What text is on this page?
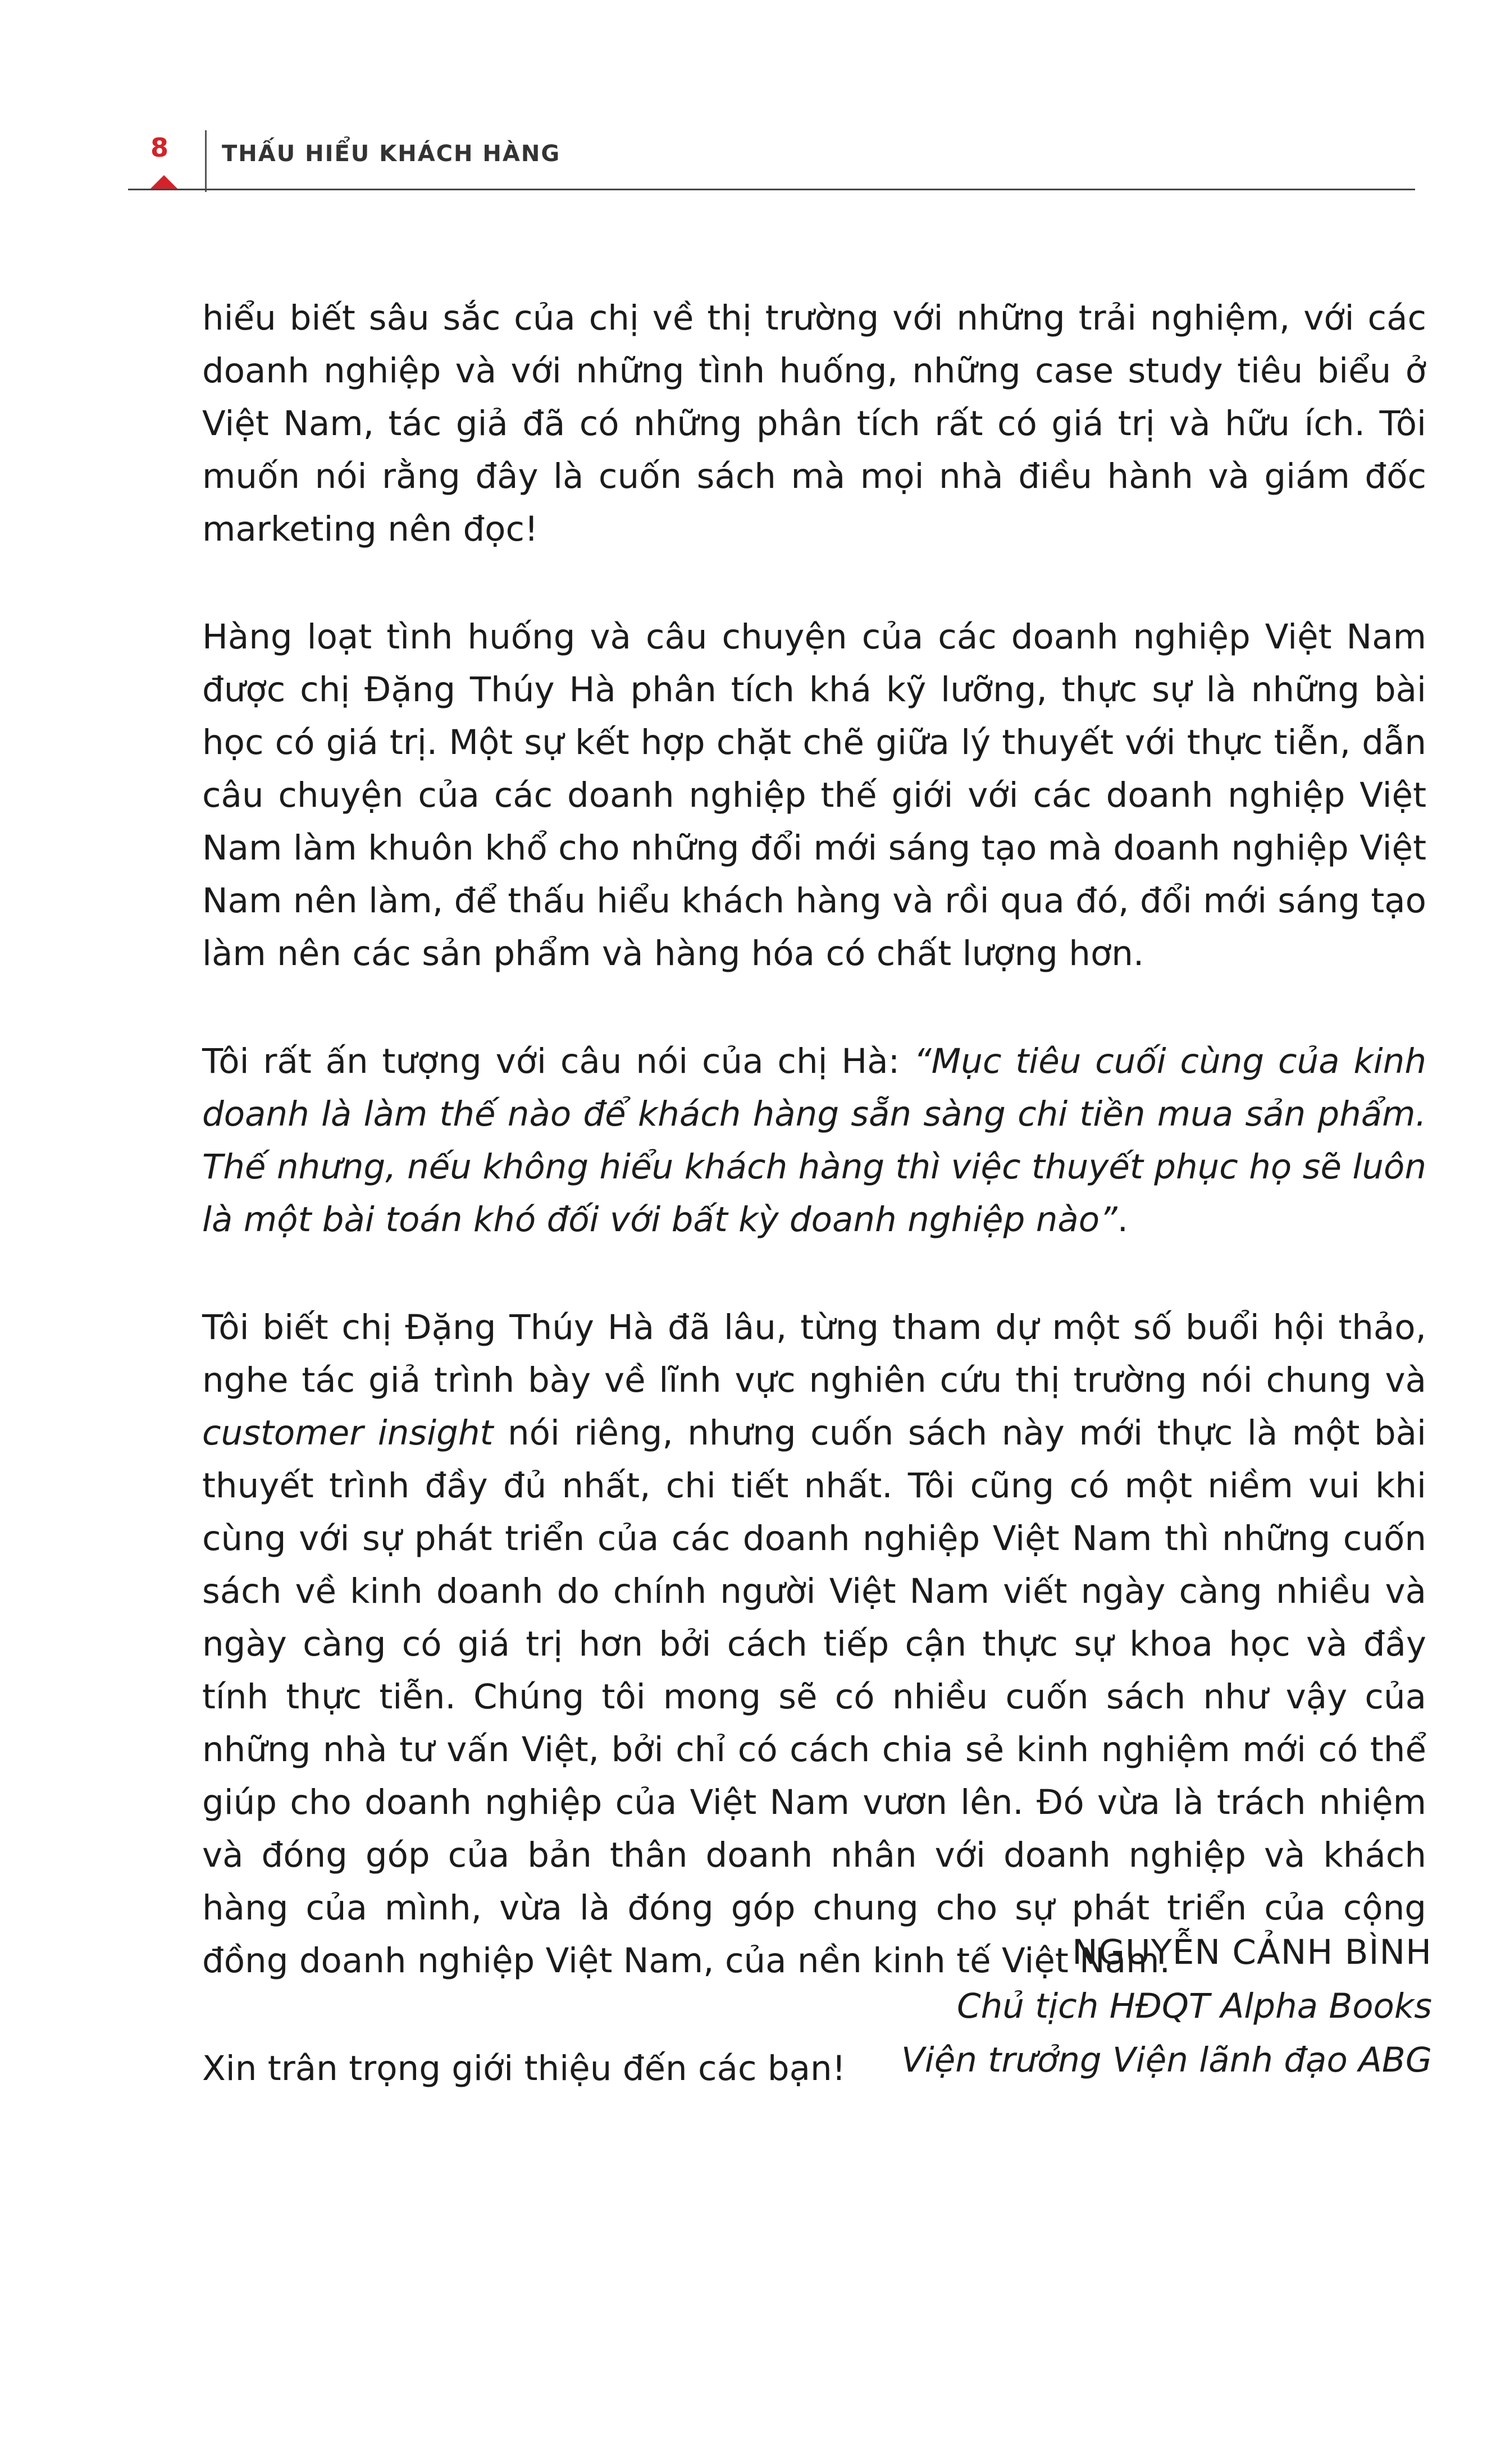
8 THẤU HIỂU KHÁCH HÀNG

hiểu biết sâu sắc của chị về thị trường với những trải nghiệm, với các doanh nghiệp và với những tình huống, những case study tiêu biểu ở Việt Nam, tác giả đã có những phân tích rất có giá trị và hữu ích. Tôi muốn nói rằng đây là cuốn sách mà mọi nhà điều hành và giám đốc marketing nên đọc!

Hàng loạt tình huống và câu chuyện của các doanh nghiệp Việt Nam được chị Đặng Thúy Hà phân tích khá kỹ lưỡng, thực sự là những bài học có giá trị. Một sự kết hợp chặt chẽ giữa lý thuyết với thực tiễn, dẫn câu chuyện của các doanh nghiệp thế giới với các doanh nghiệp Việt Nam làm khuôn khổ cho những đổi mới sáng tạo mà doanh nghiệp Việt Nam nên làm, để thấu hiểu khách hàng và rồi qua đó, đổi mới sáng tạo làm nên các sản phẩm và hàng hóa có chất lượng hơn.

Tôi rất ấn tượng với câu nói của chị Hà: “Mục tiêu cuối cùng của kinh doanh là làm thế nào để khách hàng sẵn sàng chi tiền mua sản phẩm. Thế nhưng, nếu không hiểu khách hàng thì việc thuyết phục họ sẽ luôn là một bài toán khó đối với bất kỳ doanh nghiệp nào”.

Tôi biết chị Đặng Thúy Hà đã lâu, từng tham dự một số buổi hội thảo, nghe tác giả trình bày về lĩnh vực nghiên cứu thị trường nói chung và customer insight nói riêng, nhưng cuốn sách này mới thực là một bài thuyết trình đầy đủ nhất, chi tiết nhất. Tôi cũng có một niềm vui khi cùng với sự phát triển của các doanh nghiệp Việt Nam thì những cuốn sách về kinh doanh do chính người Việt Nam viết ngày càng nhiều và ngày càng có giá trị hơn bởi cách tiếp cận thực sự khoa học và đầy tính thực tiễn. Chúng tôi mong sẽ có nhiều cuốn sách như vậy của những nhà tư vấn Việt, bởi chỉ có cách chia sẻ kinh nghiệm mới có thể giúp cho doanh nghiệp của Việt Nam vươn lên. Đó vừa là trách nhiệm và đóng góp của bản thân doanh nhân với doanh nghiệp và khách hàng của mình, vừa là đóng góp chung cho sự phát triển của cộng đồng doanh nghiệp Việt Nam, của nền kinh tế Việt Nam.

Xin trân trọng giới thiệu đến các bạn!

NGUYỄN CẢNH BÌNH
Chủ tịch HĐQT Alpha Books
Viện trưởng Viện lãnh đạo ABG
